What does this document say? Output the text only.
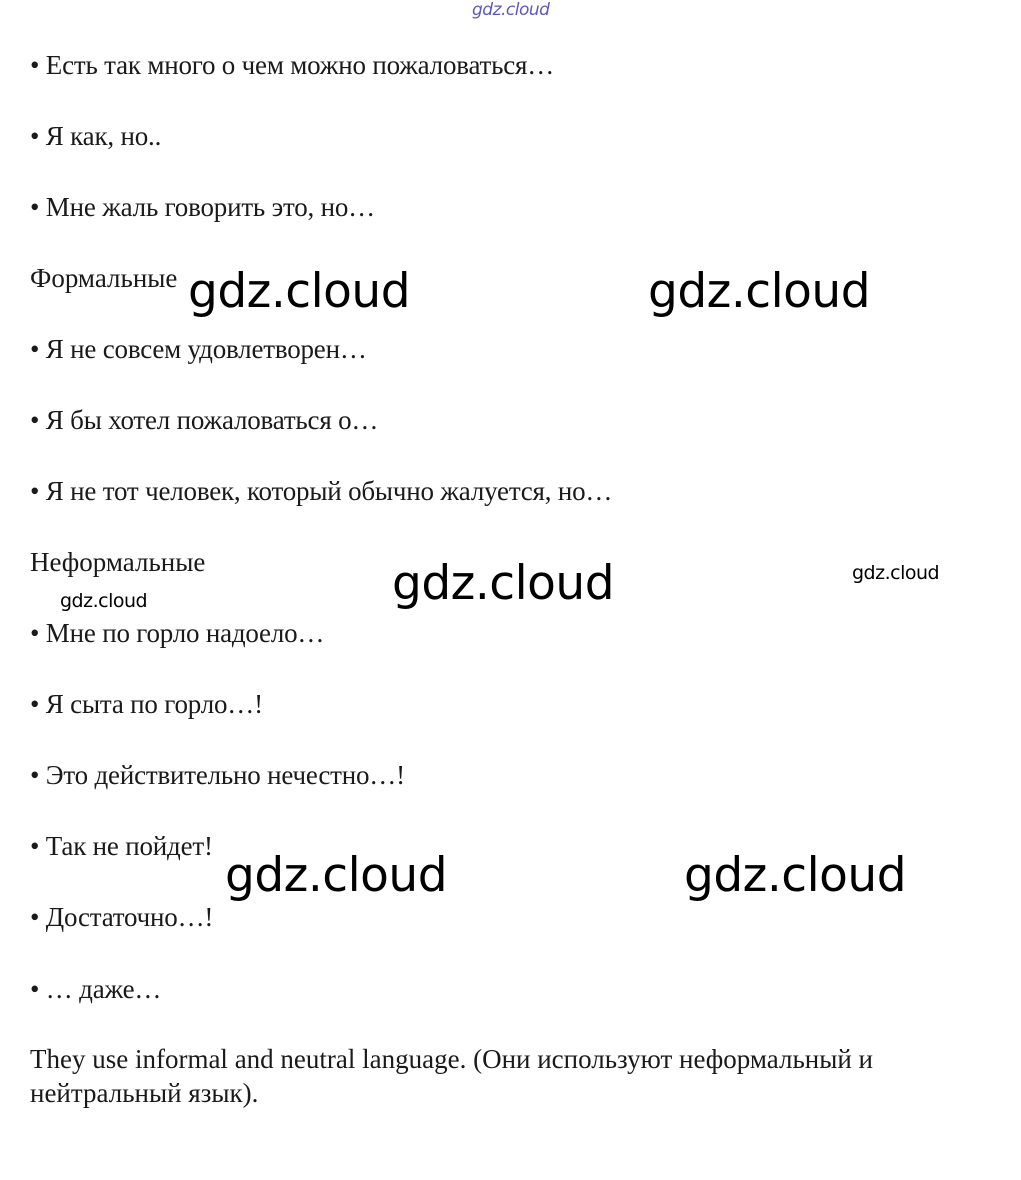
gdz.cloud
• Есть так много о чем можно пожаловаться…
• Я как, но..
• Мне жаль говорить это, но…
Формальные gdz.cloud	gdz.cloud
• Я не совсем удовлетворен…
• Я бы хотел пожаловаться о…
• Я не тот человек, который обычно жалуется, но…
Неформальные	gdz.cloud	gdz.cloud
gdz.cloud
• Мне по горло надоело…
• Я сыта по горло…!
• Это действительно нечестно…!
• Так не пойдет!
gdz.cloud	gdz.cloud
• Достаточно…!
• … даже…
They use informal and neutral language. (Они используют неформальный и нейтральный язык).
